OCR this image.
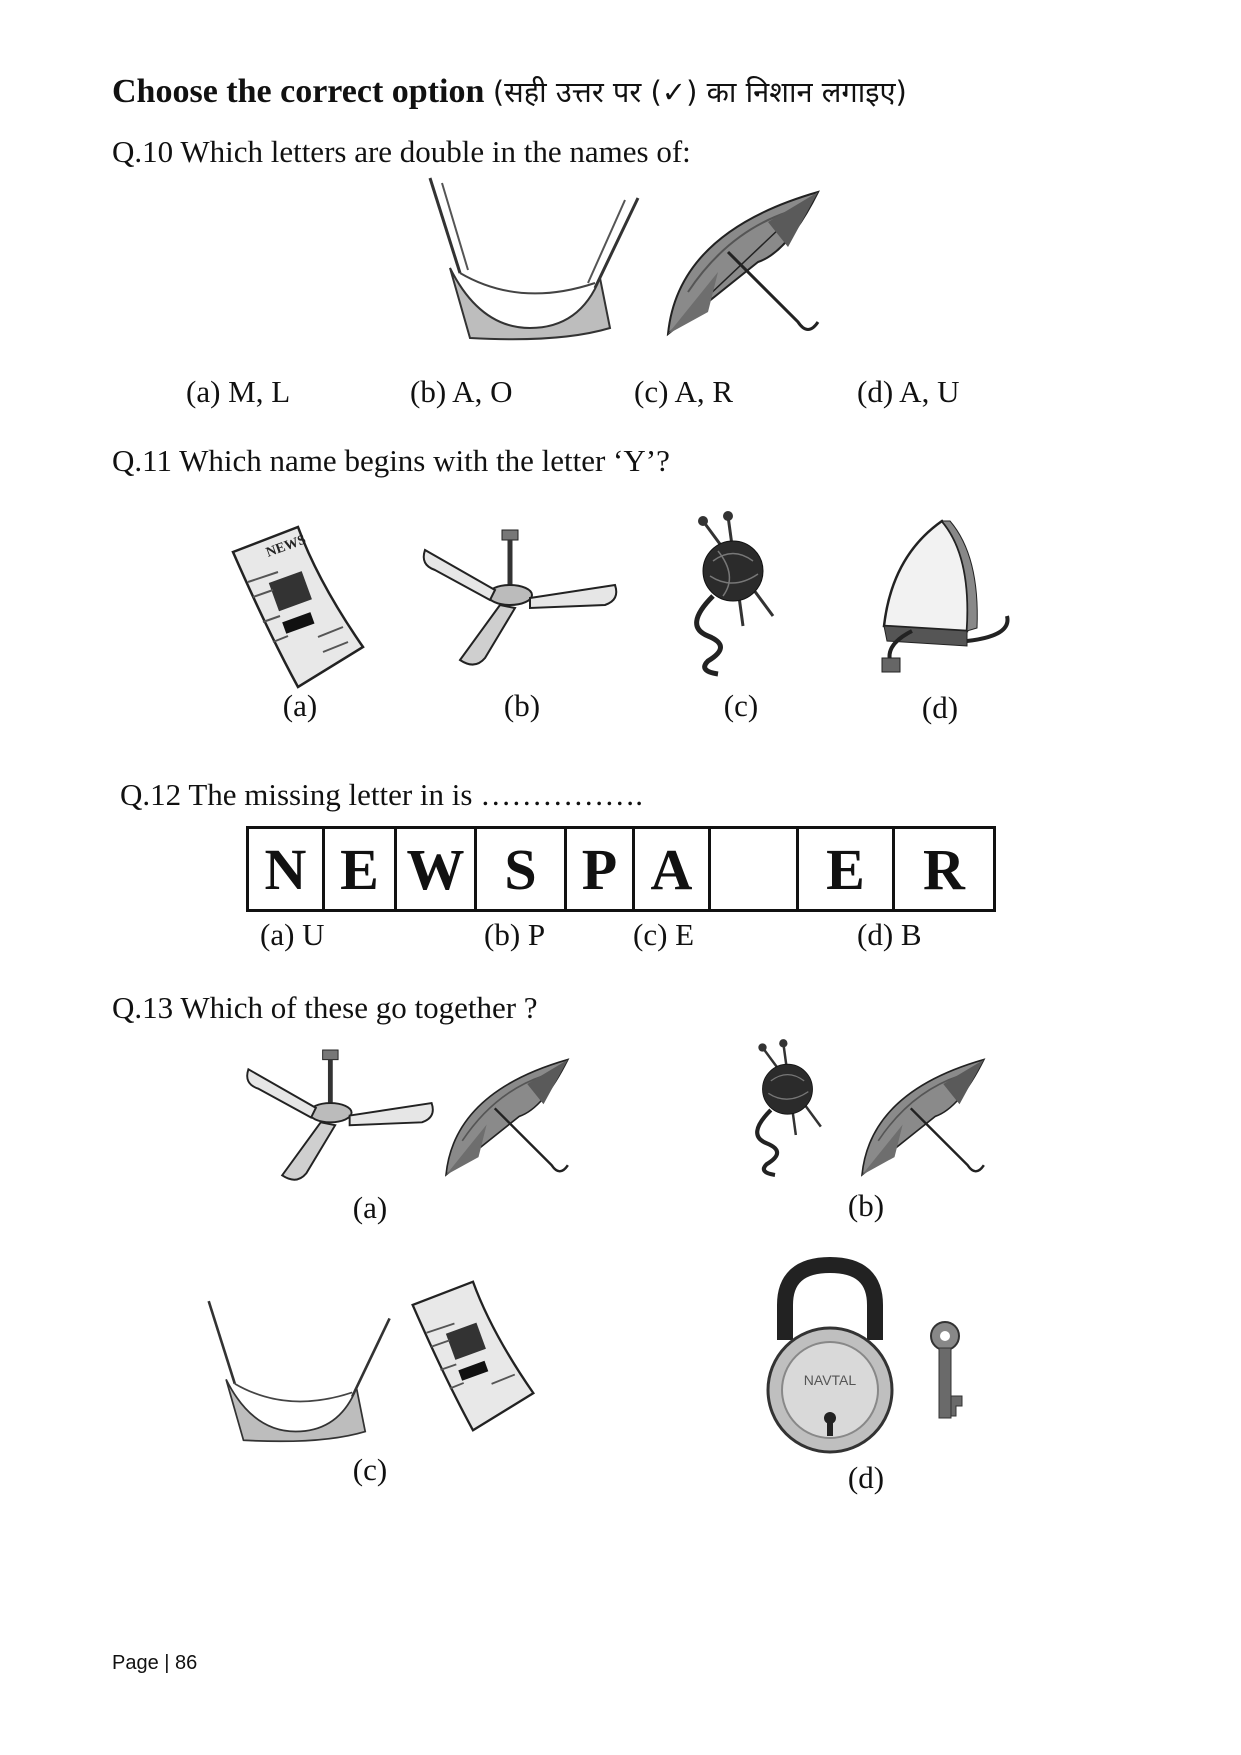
Choose the correct option (सही उत्तर पर (✓) का निशान लगाइए)
Q.10 Which letters are double in the names of:
(a) M, L	(b) A, O	(c) A, R	(d) A, U
Q.11 Which name begins with the letter ‘Y’?
NEWS
(a)	(b)	(c)	(d)
Q.12 The missing letter in is …………….
N E W S P A	E	R
(a) U	(b) P	(c) E	(d) B
Q.13 Which of these go together ?
(a)	(b)
(c)
NAVTAL
(d)
Page | 86
